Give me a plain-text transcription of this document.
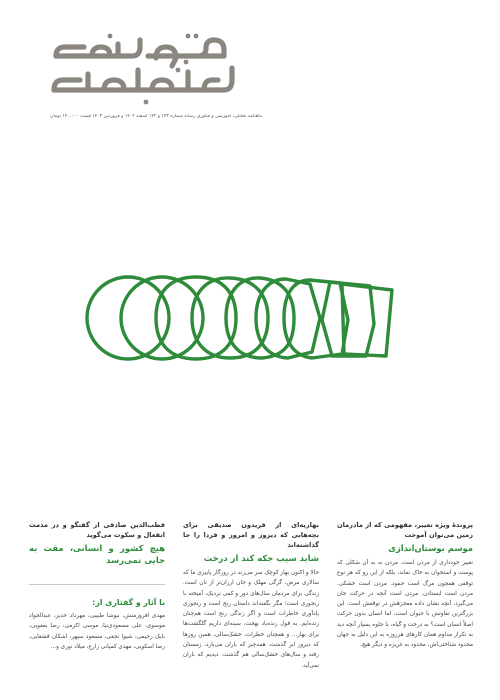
ماهنامه تحلیلی، آموزشی و فناوری رسانه شماره ۱۴۳ و ۱۴۲ اسفند ۱۴۰۲ و فروردین ۱۴۰۳ قیمت ۱۴۰،۰۰۰ تومان

پروندهٔ ویژه تغییر، مفهومی که از مادرمان زمین می‌توان آموخت

موسم بوستان‌اندازی

تغییر خودداری از مردن است. مردن نه به آن شکلی که پوست و استخوان به خاک نماند، بلکه از این رو که هر نوع توقفی همچون مرگ است جمود. مردن است خشکی. مردن است ایستادن. مردن است آنچه در حرکت جان می‌گیرد. آنچه نشان داده معجزهٔش در توقفش است. این بزرگترین تفاوتش با حیوان است، اما انسان بدون حرکت اصلاً انسان است؟ به درخت و گیاه، با جلوه بسیار آنچه دید به تکرار مداوم همان کارهای هرروزه به این دلیل به جهان محدود شناختی‌اش، محدود به غریزه و دیگر هیچ.

بهاریه‌ای از فریدون صدیقی برای بچه‌هایی که دیروز و امروز و فردا را جا گذاشته‌اند

شاید سیب جکه کند از درخت

حالا و اکنون بهار کوچک سر می‌زند در روزگار پاییزی ما که سالاری مرض، گرگی مهلک و جان ارزان‌تر از نان است. زندگی برای مردمان سال‌های دور و کمی نزدیک، آمیخته با رنجوری است؛ مگر نگفته‌اند داستان رنج است و رنجوری یادآوری خاطرات است و اگر زندگی رنج است هم‌چنان زنده‌ایم. به قول زنده‌یاد بهجت، سینه‌ای داریم گلگشت‌ها برای بهار... و همچنان خطرات، خشک‌سالی، همین روزها که دیروز ابر گذشت، همه‌چیز که باران می‌بارد، زمستان رفته و سال‌های خشک‌سالی هم گذشت. دیدیم که باران نمی‌آید.

قطب‌الدین صادقی از گفتگو و در مذمت انفعال و سکوت می‌گوید

هیچ کشور و انسانی، مقت به جایی نمی‌رسد

با آثار و گفتاری از:

مهدی افروزمنش، نیوشا طبیبی، مهرداد خدیر، عبدالجواد موسوی، علی مسعودی‌نیا، موسی اکرمی، رضا یعقوبی، بابک رحیمی، شیوا نجفی، مسعود سپهر، اشکان قشقایی، رضا اسکویی، مهدی کمپانی زارع، میلاد نوری و...
